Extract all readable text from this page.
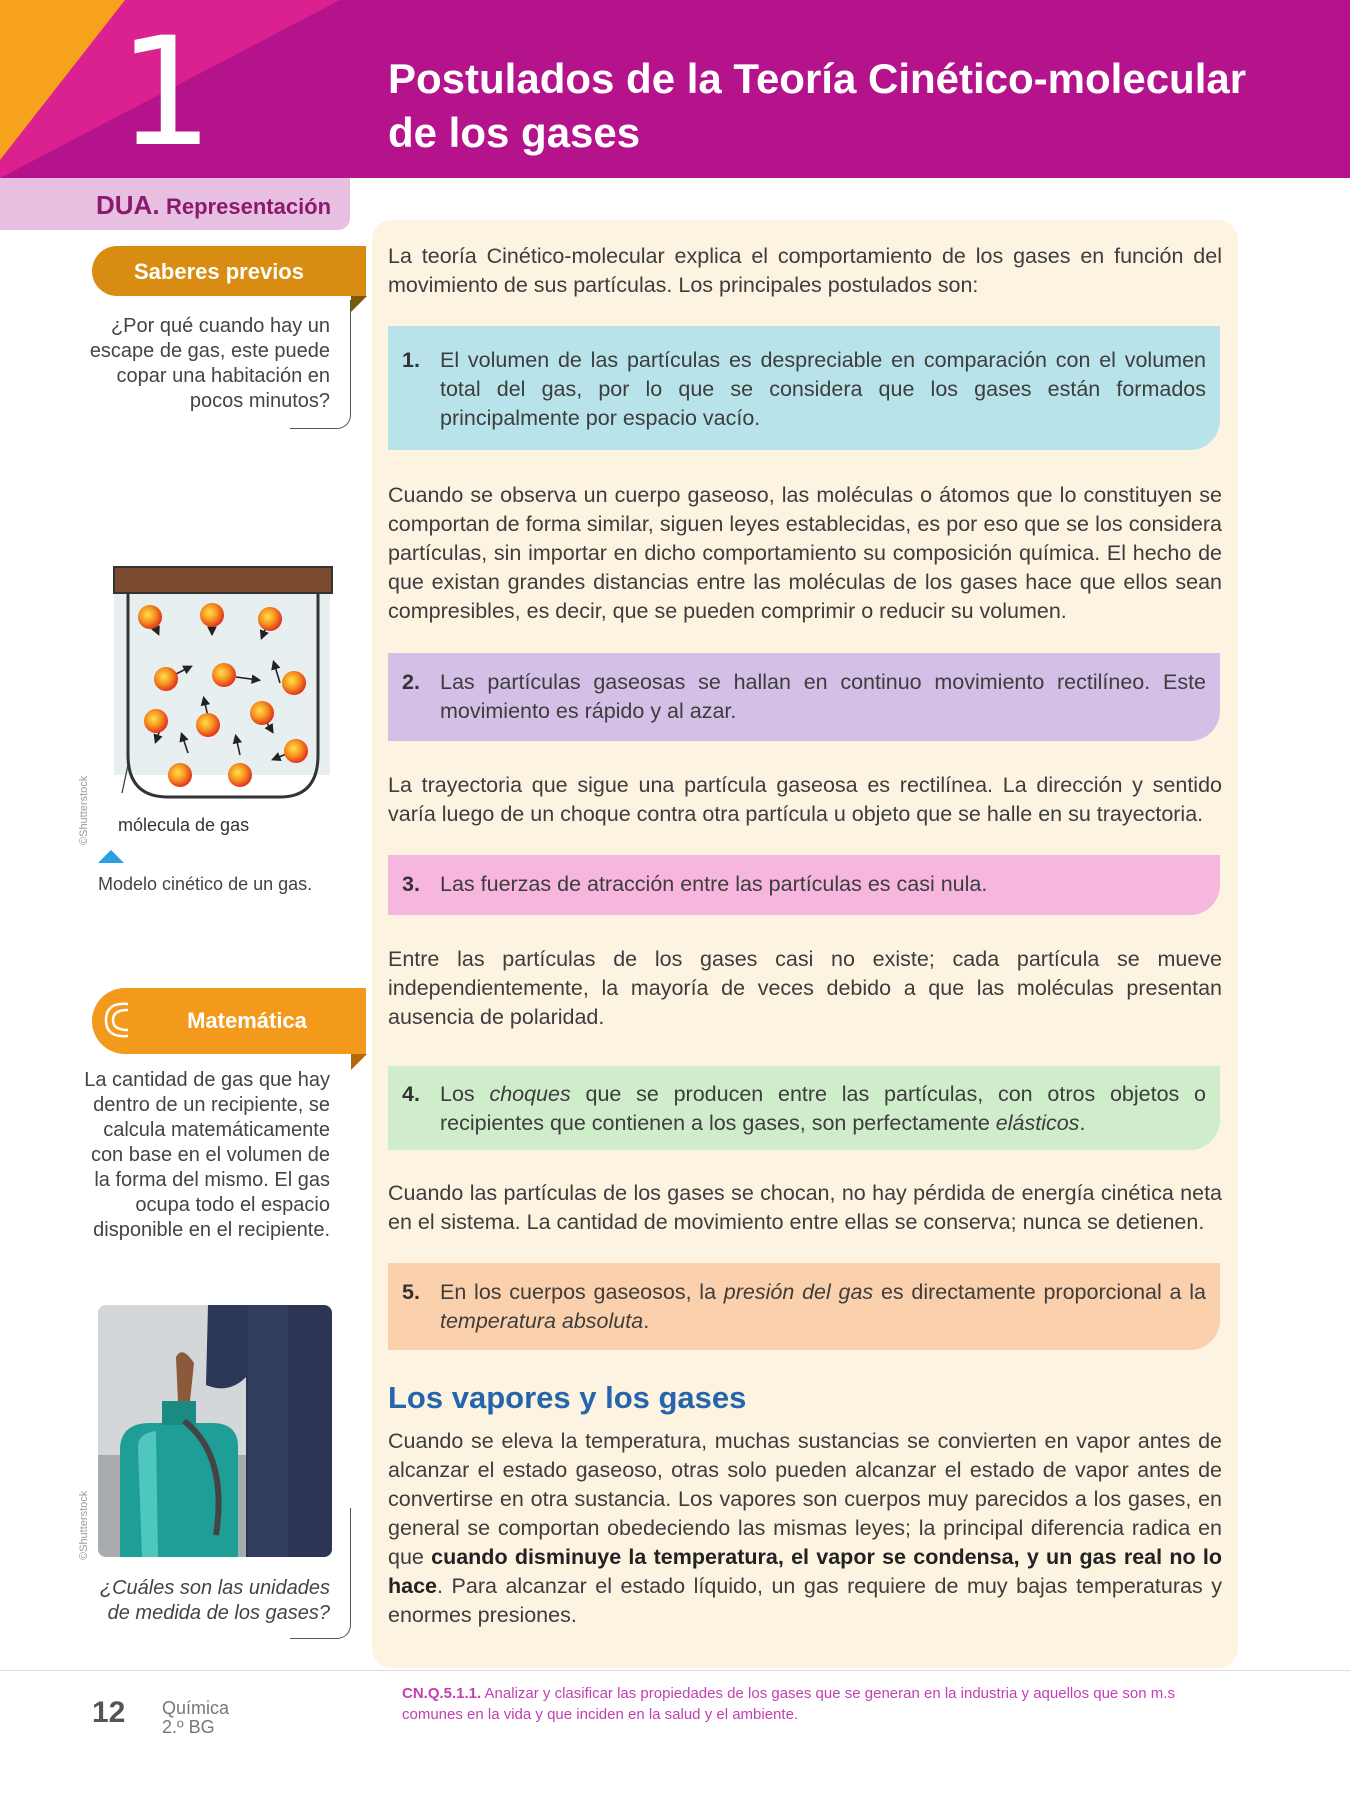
1	Postulados de la Teoría Cinético-molecular
de los gases
DUA. Representación
Saberes previos
¿Por qué cuando hay un escape de gas, este puede copar una habitación en pocos minutos?
©Shutterstock mólecula de gas
Modelo cinético de un gas.
Matemática
La cantidad de gas que hay dentro de un recipiente, se calcula matemáticamente con base en el volumen de la forma del mismo. El gas ocupa todo el espacio disponible en el recipiente.
©Shutterstock
¿Cuáles son las unidades de medida de los gases?
La teoría Cinético-molecular explica el comportamiento de los gases en función del movimiento de sus partículas. Los principales postulados son:
1. El volumen de las partículas es despreciable en comparación con el volumen total del gas, por lo que se considera que los gases están formados principalmente por espacio vacío.
Cuando se observa un cuerpo gaseoso, las moléculas o átomos que lo constituyen se comportan de forma similar, siguen leyes establecidas, es por eso que se los considera partículas, sin importar en dicho comportamiento su composición química. El hecho de que existan grandes distancias entre las moléculas de los gases hace que ellos sean compresibles, es decir, que se pueden comprimir o reducir su volumen.
2. Las partículas gaseosas se hallan en continuo movimiento rectilíneo. Este movimiento es rápido y al azar.
La trayectoria que sigue una partícula gaseosa es rectilínea. La dirección y sentido varía luego de un choque contra otra partícula u objeto que se halle en su trayectoria.
3. Las fuerzas de atracción entre las partículas es casi nula.
Entre las partículas de los gases casi no existe; cada partícula se mueve independientemente, la mayoría de veces debido a que las moléculas presentan ausencia de polaridad.
4. Los choques que se producen entre las partículas, con otros objetos o recipientes que contienen a los gases, son perfectamente elásticos.
Cuando las partículas de los gases se chocan, no hay pérdida de energía cinética neta en el sistema. La cantidad de movimiento entre ellas se conserva; nunca se detienen.
5. En los cuerpos gaseosos, la presión del gas es directamente proporcional a la temperatura absoluta.
Los vapores y los gases
Cuando se eleva la temperatura, muchas sustancias se convierten en vapor antes de alcanzar el estado gaseoso, otras solo pueden alcanzar el estado de vapor antes de convertirse en otra sustancia. Los vapores son cuerpos muy parecidos a los gases, en general se comportan obedeciendo las mismas leyes; la principal diferencia radica en que cuando disminuye la temperatura, el vapor se condensa, y un gas real no lo hace. Para alcanzar el estado líquido, un gas requiere de muy bajas temperaturas y enormes presiones.
12 Química
2.º BG
CN.Q.5.1.1. Analizar y clasificar las propiedades de los gases que se generan en la industria y aquellos que son m.s comunes en la vida y que inciden en la salud y el ambiente.
